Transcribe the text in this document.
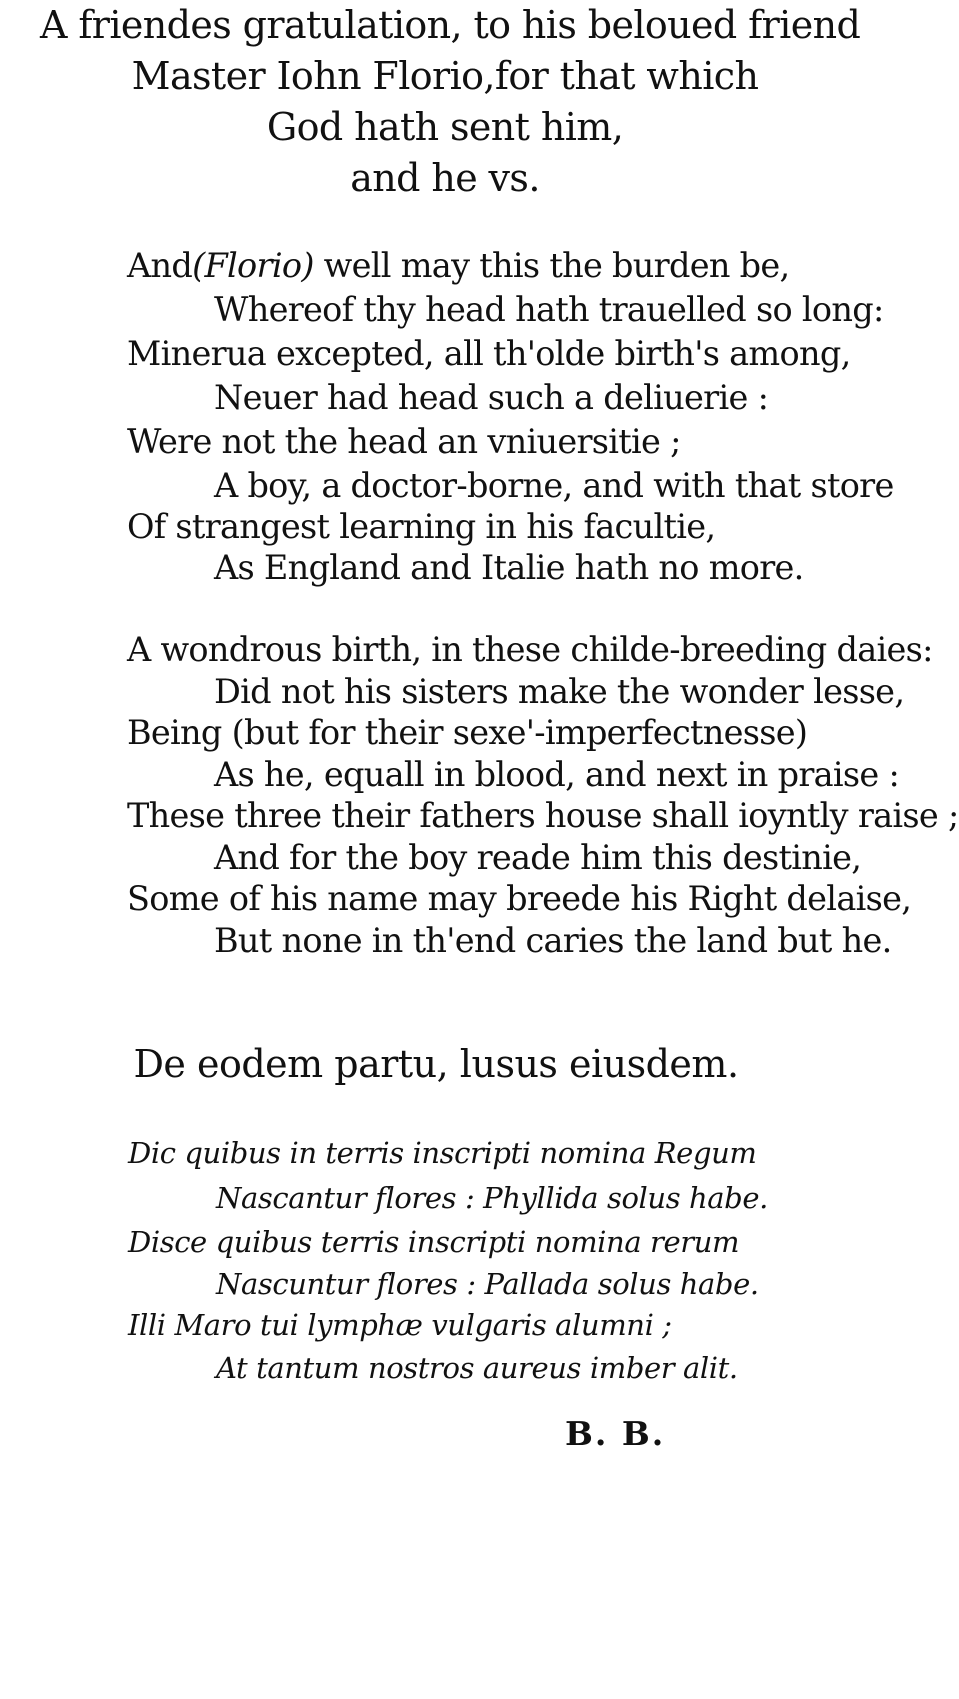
A friendes gratulation, to his beloued friend
Master Iohn Florio,for that which
God hath sent him,
and he vs.
And(Florio) well may this the burden be,
Whereof thy head hath trauelled so long:
Minerua excepted, all th'olde birth's among,
Neuer had head such a deliuerie :
Were not the head an vniuersitie ;
A boy, a doctor-borne, and with that store
Of strangest learning in his facultie,
As England and Italie hath no more.
A wondrous birth, in these childe-breeding daies:
Did not his sisters make the wonder lesse,
Being (but for their sexe'-imperfectnesse)
As he, equall in blood, and next in praise :
These three their fathers house shall ioyntly raise ;
And for the boy reade him this destinie,
Some of his name may breede his Right delaise,
But none in th'end caries the land but he.
De eodem partu, lusus eiusdem.
Dic quibus in terris inscripti nomina Regum
Nascantur flores : Phyllida solus habe.
Disce quibus terris inscripti nomina rerum
Nascuntur flores : Pallada solus habe.
Illi Maro tui lymphæ vulgaris alumni ;
At tantum nostros aureus imber alit.
B. B.
